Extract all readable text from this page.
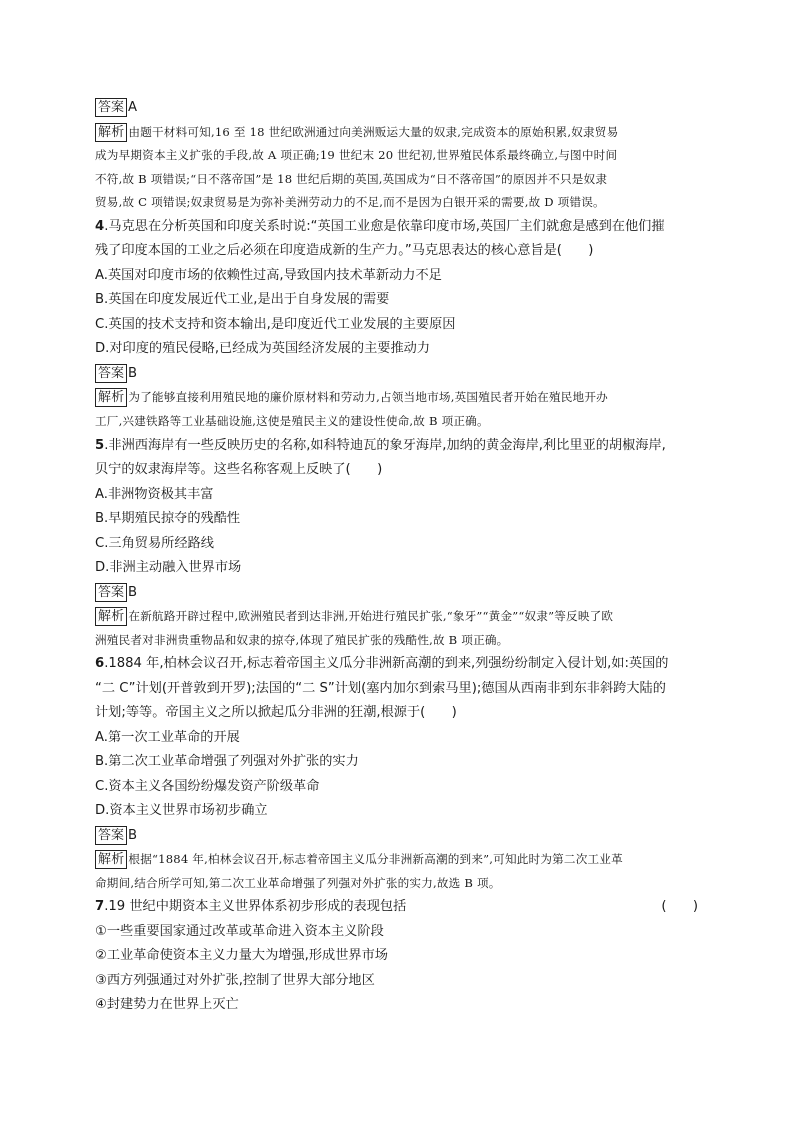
答案 A
解析 由题干材料可知,16 至 18 世纪欧洲通过向美洲贩运大量的奴隶,完成资本的原始积累,奴隶贸易
成为早期资本主义扩张的手段,故 A 项正确;19 世纪末 20 世纪初,世界殖民体系最终确立,与图中时间
不符,故 B 项错误;“日不落帝国”是 18 世纪后期的英国,英国成为“日不落帝国”的原因并不只是奴隶
贸易,故 C 项错误;奴隶贸易是为弥补美洲劳动力的不足,而不是因为白银开采的需要,故 D 项错误。
4.马克思在分析英国和印度关系时说:“英国工业愈是依靠印度市场,英国厂主们就愈是感到在他们摧
残了印度本国的工业之后必须在印度造成新的生产力。”马克思表达的核心意旨是(　　)
A.英国对印度市场的依赖性过高,导致国内技术革新动力不足
B.英国在印度发展近代工业,是出于自身发展的需要
C.英国的技术支持和资本输出,是印度近代工业发展的主要原因
D.对印度的殖民侵略,已经成为英国经济发展的主要推动力
答案 B
解析 为了能够直接利用殖民地的廉价原材料和劳动力,占领当地市场,英国殖民者开始在殖民地开办
工厂,兴建铁路等工业基础设施,这使是殖民主义的建设性使命,故 B 项正确。
5.非洲西海岸有一些反映历史的名称,如科特迪瓦的象牙海岸,加纳的黄金海岸,利比里亚的胡椒海岸,
贝宁的奴隶海岸等。这些名称客观上反映了(　　)
A.非洲物资极其丰富
B.早期殖民掠夺的残酷性
C.三角贸易所经路线
D.非洲主动融入世界市场
答案 B
解析 在新航路开辟过程中,欧洲殖民者到达非洲,开始进行殖民扩张,“象牙”“黄金”“奴隶”等反映了欧
洲殖民者对非洲贵重物品和奴隶的掠夺,体现了殖民扩张的残酷性,故 B 项正确。
6.1884 年,柏林会议召开,标志着帝国主义瓜分非洲新高潮的到来,列强纷纷制定入侵计划,如:英国的
“二 C”计划(开普敦到开罗);法国的“二 S”计划(塞内加尔到索马里);德国从西南非到东非斜跨大陆的
计划;等等。帝国主义之所以掀起瓜分非洲的狂潮,根源于(　　)
A.第一次工业革命的开展
B.第二次工业革命增强了列强对外扩张的实力
C.资本主义各国纷纷爆发资产阶级革命
D.资本主义世界市场初步确立
答案 B
解析 根据“1884 年,柏林会议召开,标志着帝国主义瓜分非洲新高潮的到来”,可知此时为第二次工业革
命期间,结合所学可知,第二次工业革命增强了列强对外扩张的实力,故选 B 项。
7.19 世纪中期资本主义世界体系初步形成的表现包括	(　　)
①一些重要国家通过改革或革命进入资本主义阶段
②工业革命使资本主义力量大为增强,形成世界市场
③西方列强通过对外扩张,控制了世界大部分地区
④封建势力在世界上灭亡
